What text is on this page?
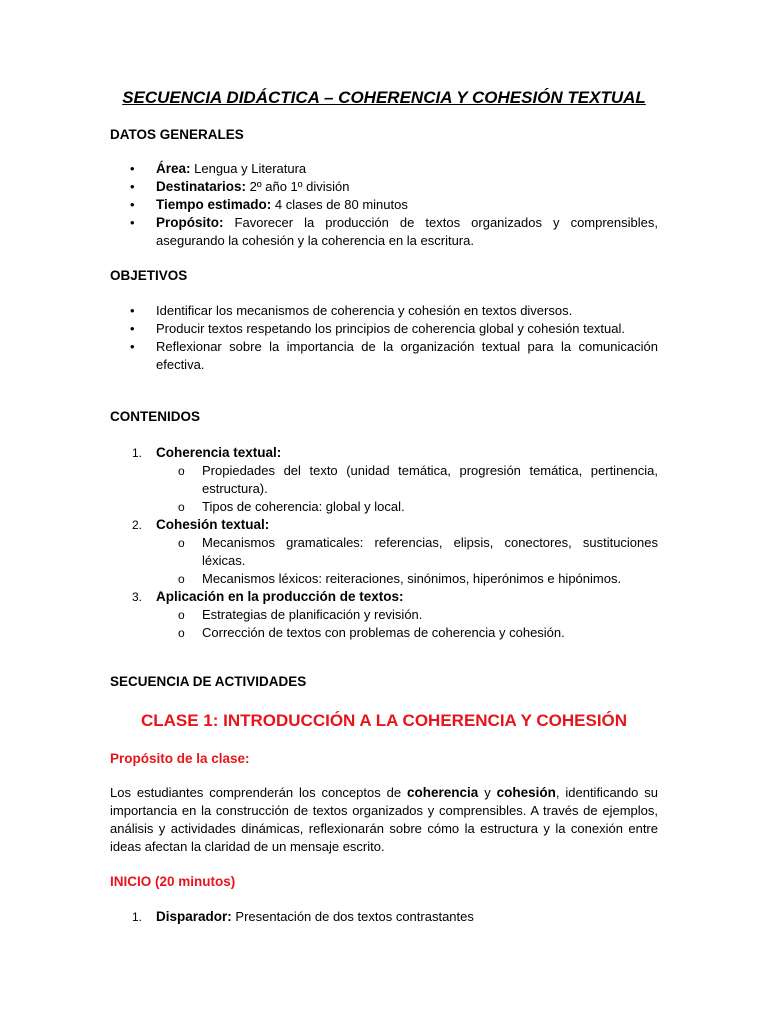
SECUENCIA DIDÁCTICA – COHERENCIA Y COHESIÓN TEXTUAL
DATOS GENERALES
• Área: Lengua y Literatura
• Destinatarios: 2º año 1º división
• Tiempo estimado: 4 clases de 80 minutos
• Propósito: Favorecer la producción de textos organizados y comprensibles, asegurando la cohesión y la coherencia en la escritura.
OBJETIVOS
• Identificar los mecanismos de coherencia y cohesión en textos diversos.
• Producir textos respetando los principios de coherencia global y cohesión textual.
• Reflexionar sobre la importancia de la organización textual para la comunicación efectiva.
CONTENIDOS
1. Coherencia textual:
o Propiedades del texto (unidad temática, progresión temática, pertinencia, estructura).
o Tipos de coherencia: global y local.
2. Cohesión textual:
o Mecanismos gramaticales: referencias, elipsis, conectores, sustituciones léxicas.
o Mecanismos léxicos: reiteraciones, sinónimos, hiperónimos e hipónimos.
3. Aplicación en la producción de textos:
o Estrategias de planificación y revisión.
o Corrección de textos con problemas de coherencia y cohesión.
SECUENCIA DE ACTIVIDADES
CLASE 1: INTRODUCCIÓN A LA COHERENCIA Y COHESIÓN
Propósito de la clase:
Los estudiantes comprenderán los conceptos de coherencia y cohesión, identificando su importancia en la construcción de textos organizados y comprensibles. A través de ejemplos, análisis y actividades dinámicas, reflexionarán sobre cómo la estructura y la conexión entre ideas afectan la claridad de un mensaje escrito.
INICIO (20 minutos)
1. Disparador: Presentación de dos textos contrastantes
